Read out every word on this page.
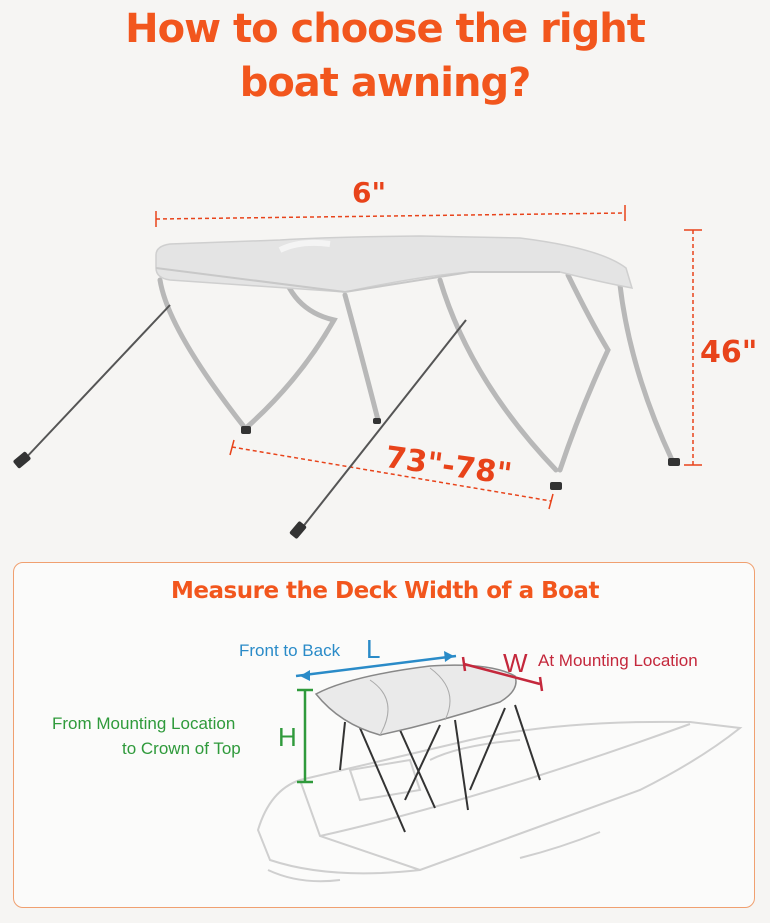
How to choose the right
boat awning?
6"
46"
73"-78"
Measure the Deck Width of a Boat
Front to Back L	W At Mounting Location
From Mounting Location
to Crown of Top H
